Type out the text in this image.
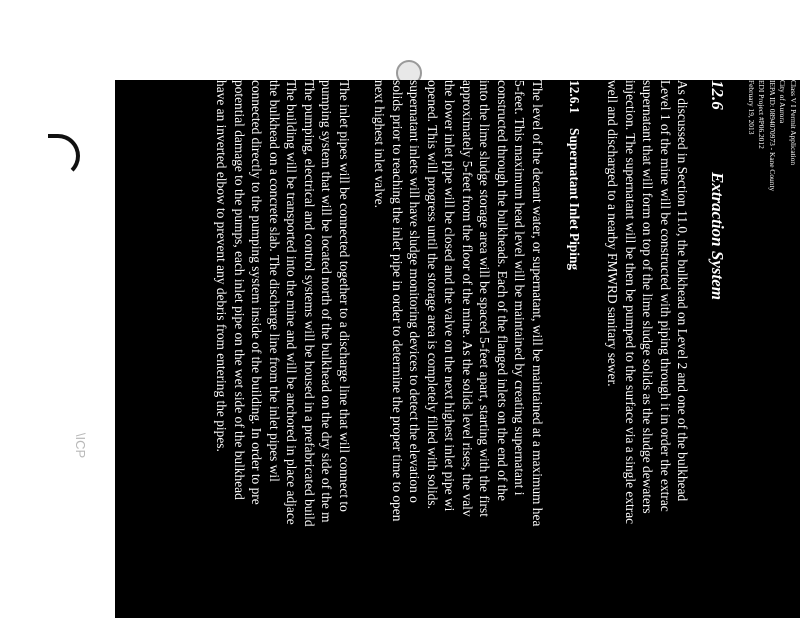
\ICP
Class V I Permit Application
City of Aurora
IEPA ID: 0894070973 - Kane County
EDI Project #P06.2012
February 19, 2013
12.6Extraction System

As discussed in Section 11.0, the bulkhead on Level 2 and one of the bulkhead
Level 1 of the mine will be constructed with piping through it in order the extrac
supernatant that will form on top of the lime sludge solids as the sludge dewaters
injection. The supernatant will be then be pumped to the surface via a single extrac
well and discharged to a nearby FMWRD sanitary sewer.

12.6.1Supernatant Inlet Piping

The level of the decant water, or supernatant, will be maintained at a maximum hea
5-feet. This maximum head level will be maintained by creating supernatant i
constructed through the bulkheads. Each of the flanged inlets on the end of the
into the lime sludge storage area will be spaced 5-feet apart, starting with the first
approximately 5-feet from the floor of the mine. As the solids level rises, the valv
the lower inlet pipe will be closed and the valve on the next highest inlet pipe wi
opened. This will progress until the storage area is completely filled with solids.
supernatant inlets will have sludge monitoring devices to detect the elevation o
solids prior to reaching the inlet pipe in order to determine the proper time to open
next highest inlet valve.

The inlet pipes will be connected together to a discharge line that will connect to
pumping system that will be located north of the bulkhead on the dry side of the m
The pumping, electrical and control systems will be housed in a prefabricated build
The building will be transported into the mine and will be anchored in place adjace
the bulkhead on a concrete slab. The discharge line from the inlet pipes wil
connected directly to the pumping system inside of the building. In order to pre
potential damage to the pumps, each inlet pipe on the wet side of the bulkhead
have an inverted elbow to prevent any debris from entering the pipes.
